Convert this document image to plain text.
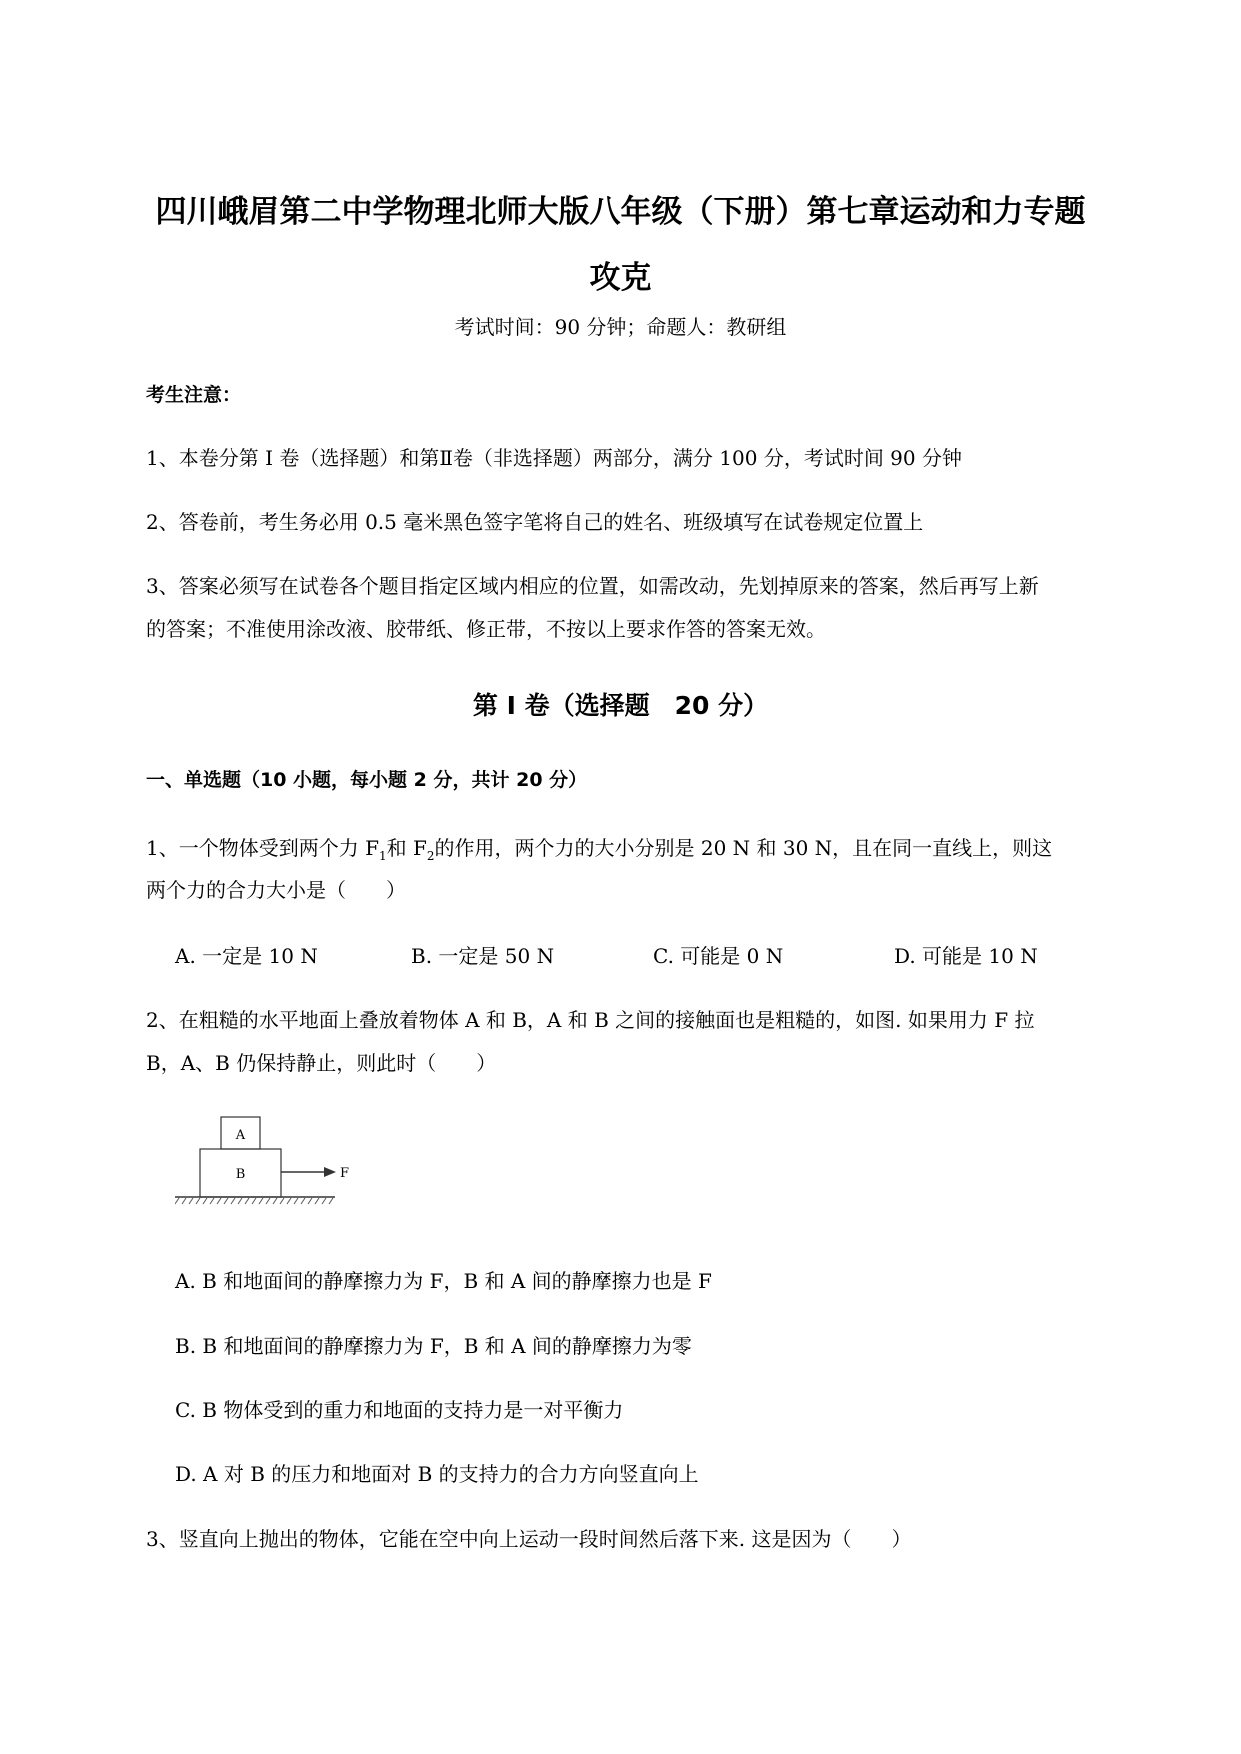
四川峨眉第二中学物理北师大版八年级（下册）第七章运动和力专题
攻克
考试时间：90 分钟；命题人：教研组
考生注意：
1、本卷分第 I 卷（选择题）和第Ⅱ卷（非选择题）两部分，满分 100 分，考试时间 90 分钟
2、答卷前，考生务必用 0.5 毫米黑色签字笔将自己的姓名、班级填写在试卷规定位置上
3、答案必须写在试卷各个题目指定区域内相应的位置，如需改动，先划掉原来的答案，然后再写上新
的答案；不准使用涂改液、胶带纸、修正带，不按以上要求作答的答案无效。
第 I 卷（选择题　20 分）
一、单选题（10 小题，每小题 2 分，共计 20 分）
1、一个物体受到两个力 $F_1$和 $F_2$的作用，两个力的大小分别是 20 N 和 30 N，且在同一直线上，则这
两个力的合力大小是（　　）
A. 一定是 10 N	B. 一定是 50 N	C. 可能是 0 N	D. 可能是 10 N
2、在粗糙的水平地面上叠放着物体 A 和 B，A 和 B 之间的接触面也是粗糙的，如图. 如果用力 F 拉
B，A、B 仍保持静止，则此时（　　）
A
B	F
A. B 和地面间的静摩擦力为 F，B 和 A 间的静摩擦力也是 F
B. B 和地面间的静摩擦力为 F，B 和 A 间的静摩擦力为零
C. B 物体受到的重力和地面的支持力是一对平衡力
D. A 对 B 的压力和地面对 B 的支持力的合力方向竖直向上
3、竖直向上抛出的物体，它能在空中向上运动一段时间然后落下来. 这是因为（　　）
